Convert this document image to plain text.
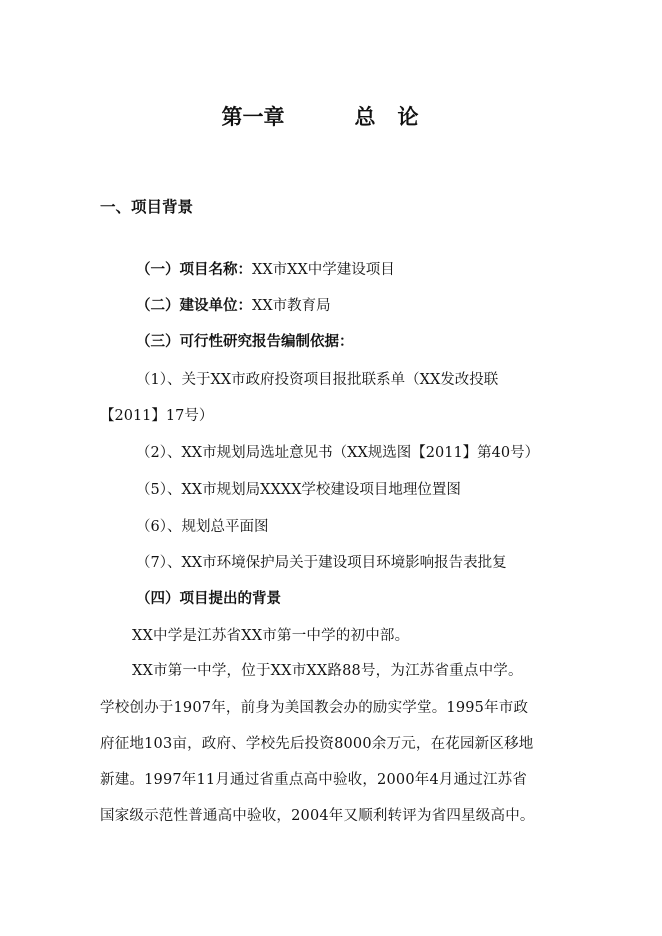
第一章	总论
一、项目背景
（一）项目名称：XX市XX中学建设项目
（二）建设单位：XX市教育局
（三）可行性研究报告编制依据：
（1）、关于XX市政府投资项目报批联系单（XX发改投联
【2011】17号）
（2）、XX市规划局选址意见书（XX规选图【2011】第40号）
（5）、XX市规划局XXXX学校建设项目地理位置图
（6）、规划总平面图
（7）、XX市环境保护局关于建设项目环境影响报告表批复
（四）项目提出的背景
XX中学是江苏省XX市第一中学的初中部。
XX市第一中学，位于XX市XX路88号，为江苏省重点中学。
学校创办于1907年，前身为美国教会办的励实学堂。1995年市政
府征地103亩，政府、学校先后投资8000余万元，在花园新区移地
新建。1997年11月通过省重点高中验收，2000年4月通过江苏省
国家级示范性普通高中验收，2004年又顺利转评为省四星级高中。
